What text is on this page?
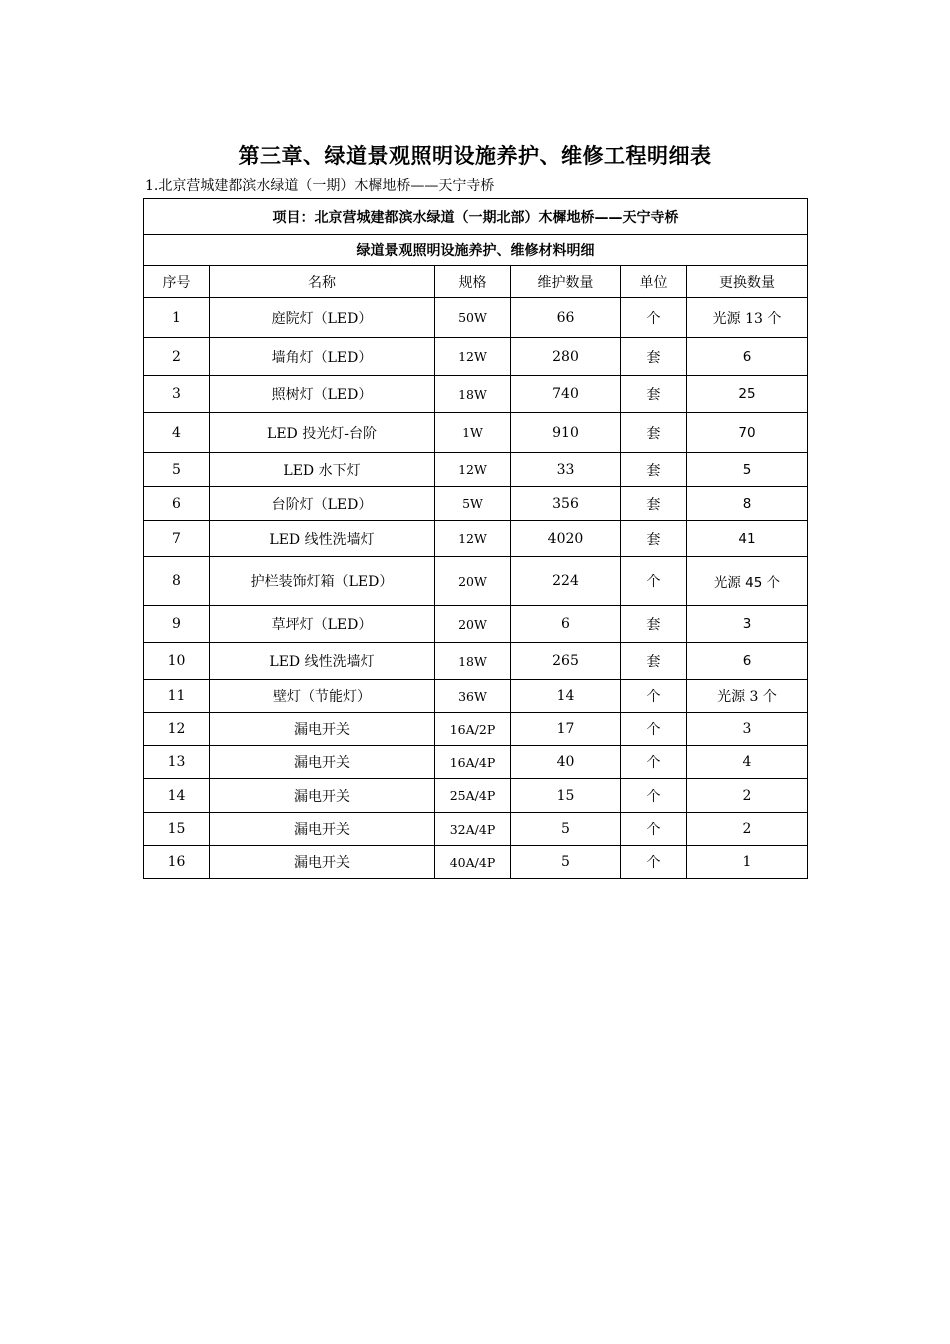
第三章、绿道景观照明设施养护、维修工程明细表
1.北京营城建都滨水绿道（一期）木樨地桥——天宁寺桥
项目：北京营城建都滨水绿道（一期北部）木樨地桥——天宁寺桥					
绿道景观照明设施养护、维修材料明细					
序号	名称	规格	维护数量	单位	更换数量
1	庭院灯（LED）	50W	66	个	光源 13 个
2	墙角灯（LED）	12W	280	套	6
3	照树灯（LED）	18W	740	套	25
4	LED 投光灯-台阶	1W	910	套	70
5	LED 水下灯	12W	33	套	5
6	台阶灯（LED）	5W	356	套	8
7	LED 线性洗墙灯	12W	4020	套	41
8	护栏装饰灯箱（LED）	20W	224	个	光源 45 个
9	草坪灯（LED）	20W	6	套	3
10	LED 线性洗墙灯	18W	265	套	6
11	壁灯（节能灯）	36W	14	个	光源 3 个
12	漏电开关	16A/2P	17	个	3
13	漏电开关	16A/4P	40	个	4
14	漏电开关	25A/4P	15	个	2
15	漏电开关	32A/4P	5	个	2
16	漏电开关	40A/4P	5	个	1
